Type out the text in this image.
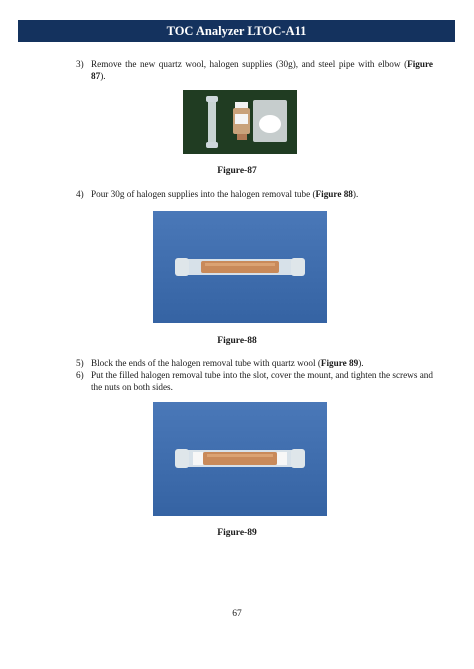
TOC Analyzer LTOC-A11
3) Remove the new quartz wool, halogen supplies (30g), and steel pipe with elbow (Figure 87).
Figure-87
4) Pour 30g of halogen supplies into the halogen removal tube (Figure 88).
Figure-88
5) Block the ends of the halogen removal tube with quartz wool (Figure 89).
6) Put the filled halogen removal tube into the slot, cover the mount, and tighten the screws and the nuts on both sides.
Figure-89
67
